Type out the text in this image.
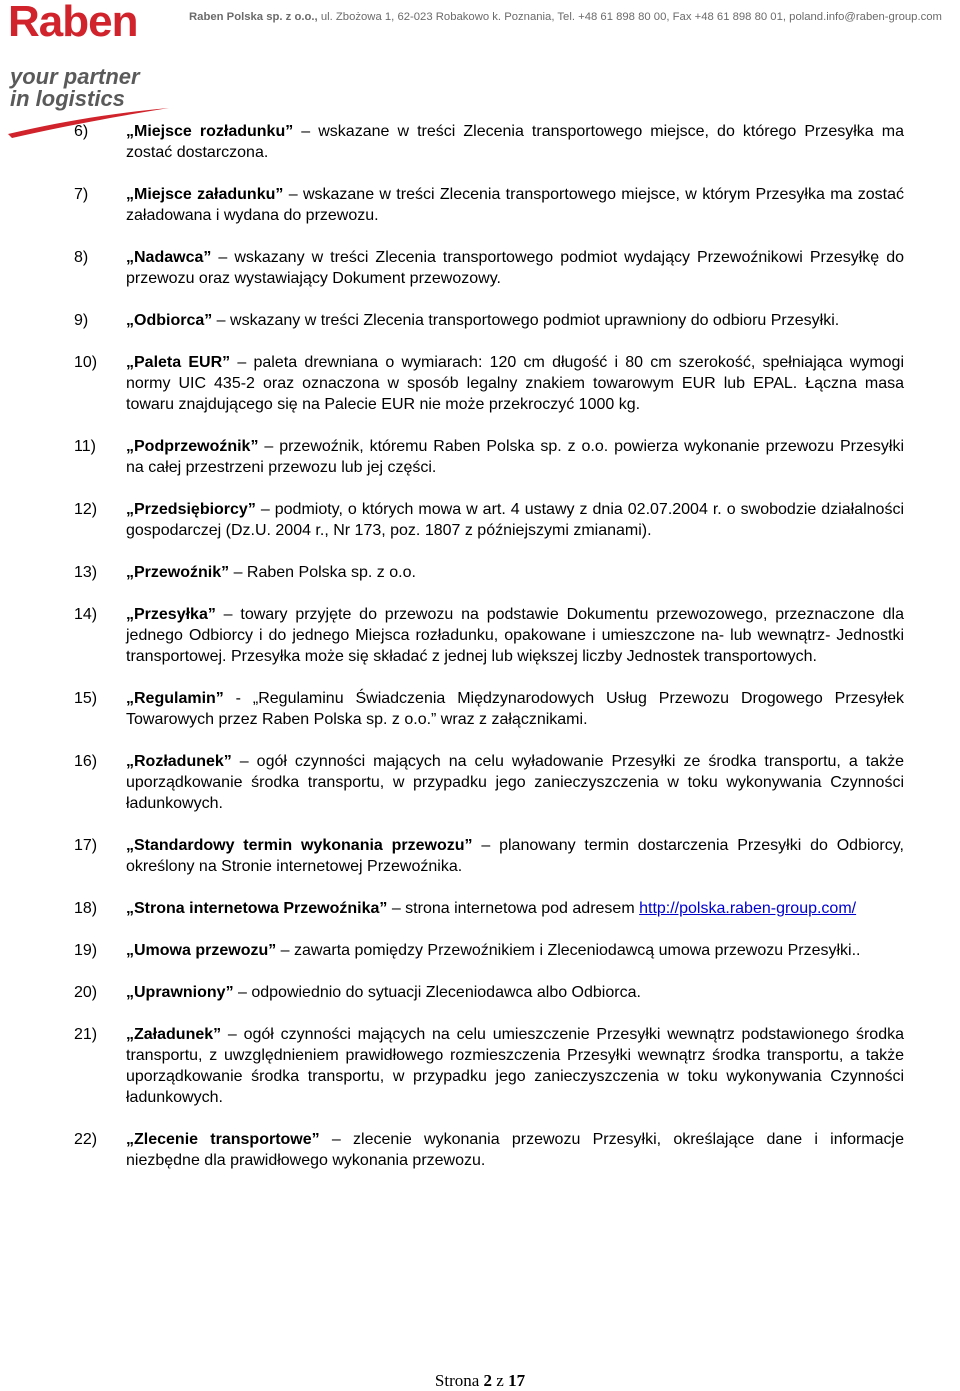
Raben
your partner
in logistics
Raben Polska sp. z o.o., ul. Zbożowa 1, 62-023 Robakowo k. Poznania, Tel. +48 61 898 80 00, Fax +48 61 898 80 01, poland.info@raben-group.com
6) „Miejsce rozładunku” – wskazane w treści Zlecenia transportowego miejsce, do którego Przesyłka ma zostać dostarczona.
7) „Miejsce załadunku” – wskazane w treści Zlecenia transportowego miejsce, w którym Przesyłka ma zostać załadowana i wydana do przewozu.
8) „Nadawca” – wskazany w treści Zlecenia transportowego podmiot wydający Przewoźnikowi Przesyłkę do przewozu oraz wystawiający Dokument przewozowy.
9) „Odbiorca” – wskazany w treści Zlecenia transportowego podmiot uprawniony do odbioru Przesyłki.
10) „Paleta EUR” – paleta drewniana o wymiarach: 120 cm długość i 80 cm szerokość, spełniająca wymogi normy UIC 435-2 oraz oznaczona w sposób legalny znakiem towarowym EUR lub EPAL. Łączna masa towaru znajdującego się na Palecie EUR nie może przekroczyć 1000 kg.
11) „Podprzewoźnik” – przewoźnik, któremu Raben Polska sp. z o.o. powierza wykonanie przewozu Przesyłki na całej przestrzeni przewozu lub jej części.
12) „Przedsiębiorcy” – podmioty, o których mowa w art. 4 ustawy z dnia 02.07.2004 r. o swobodzie działalności gospodarczej (Dz.U. 2004 r., Nr 173, poz. 1807 z późniejszymi zmianami).
13) „Przewoźnik” – Raben Polska sp. z o.o.
14) „Przesyłka” – towary przyjęte do przewozu na podstawie Dokumentu przewozowego, przeznaczone dla jednego Odbiorcy i do jednego Miejsca rozładunku, opakowane i umieszczone na- lub wewnątrz- Jednostki transportowej. Przesyłka może się składać z jednej lub większej liczby Jednostek transportowych.
15) „Regulamin” - „Regulaminu Świadczenia Międzynarodowych Usług Przewozu Drogowego Przesyłek Towarowych przez Raben Polska sp. z o.o.” wraz z załącznikami.
16) „Rozładunek” – ogół czynności mających na celu wyładowanie Przesyłki ze środka transportu, a także uporządkowanie środka transportu, w przypadku jego zanieczyszczenia w toku wykonywania Czynności ładunkowych.
17) „Standardowy termin wykonania przewozu” – planowany termin dostarczenia Przesyłki do Odbiorcy, określony na Stronie internetowej Przewoźnika.
18) „Strona internetowa Przewoźnika” – strona internetowa pod adresem http://polska.raben-group.com/
19) „Umowa przewozu” – zawarta pomiędzy Przewoźnikiem i Zleceniodawcą umowa przewozu Przesyłki..
20) „Uprawniony” – odpowiednio do sytuacji Zleceniodawca albo Odbiorca.
21) „Załadunek” – ogół czynności mających na celu umieszczenie Przesyłki wewnątrz podstawionego środka transportu, z uwzględnieniem prawidłowego rozmieszczenia Przesyłki wewnątrz środka transportu, a także uporządkowanie środka transportu, w przypadku jego zanieczyszczenia w toku wykonywania Czynności ładunkowych.
22) „Zlecenie transportowe” – zlecenie wykonania przewozu Przesyłki, określające dane i informacje niezbędne dla prawidłowego wykonania przewozu.
Strona 2 z 17
